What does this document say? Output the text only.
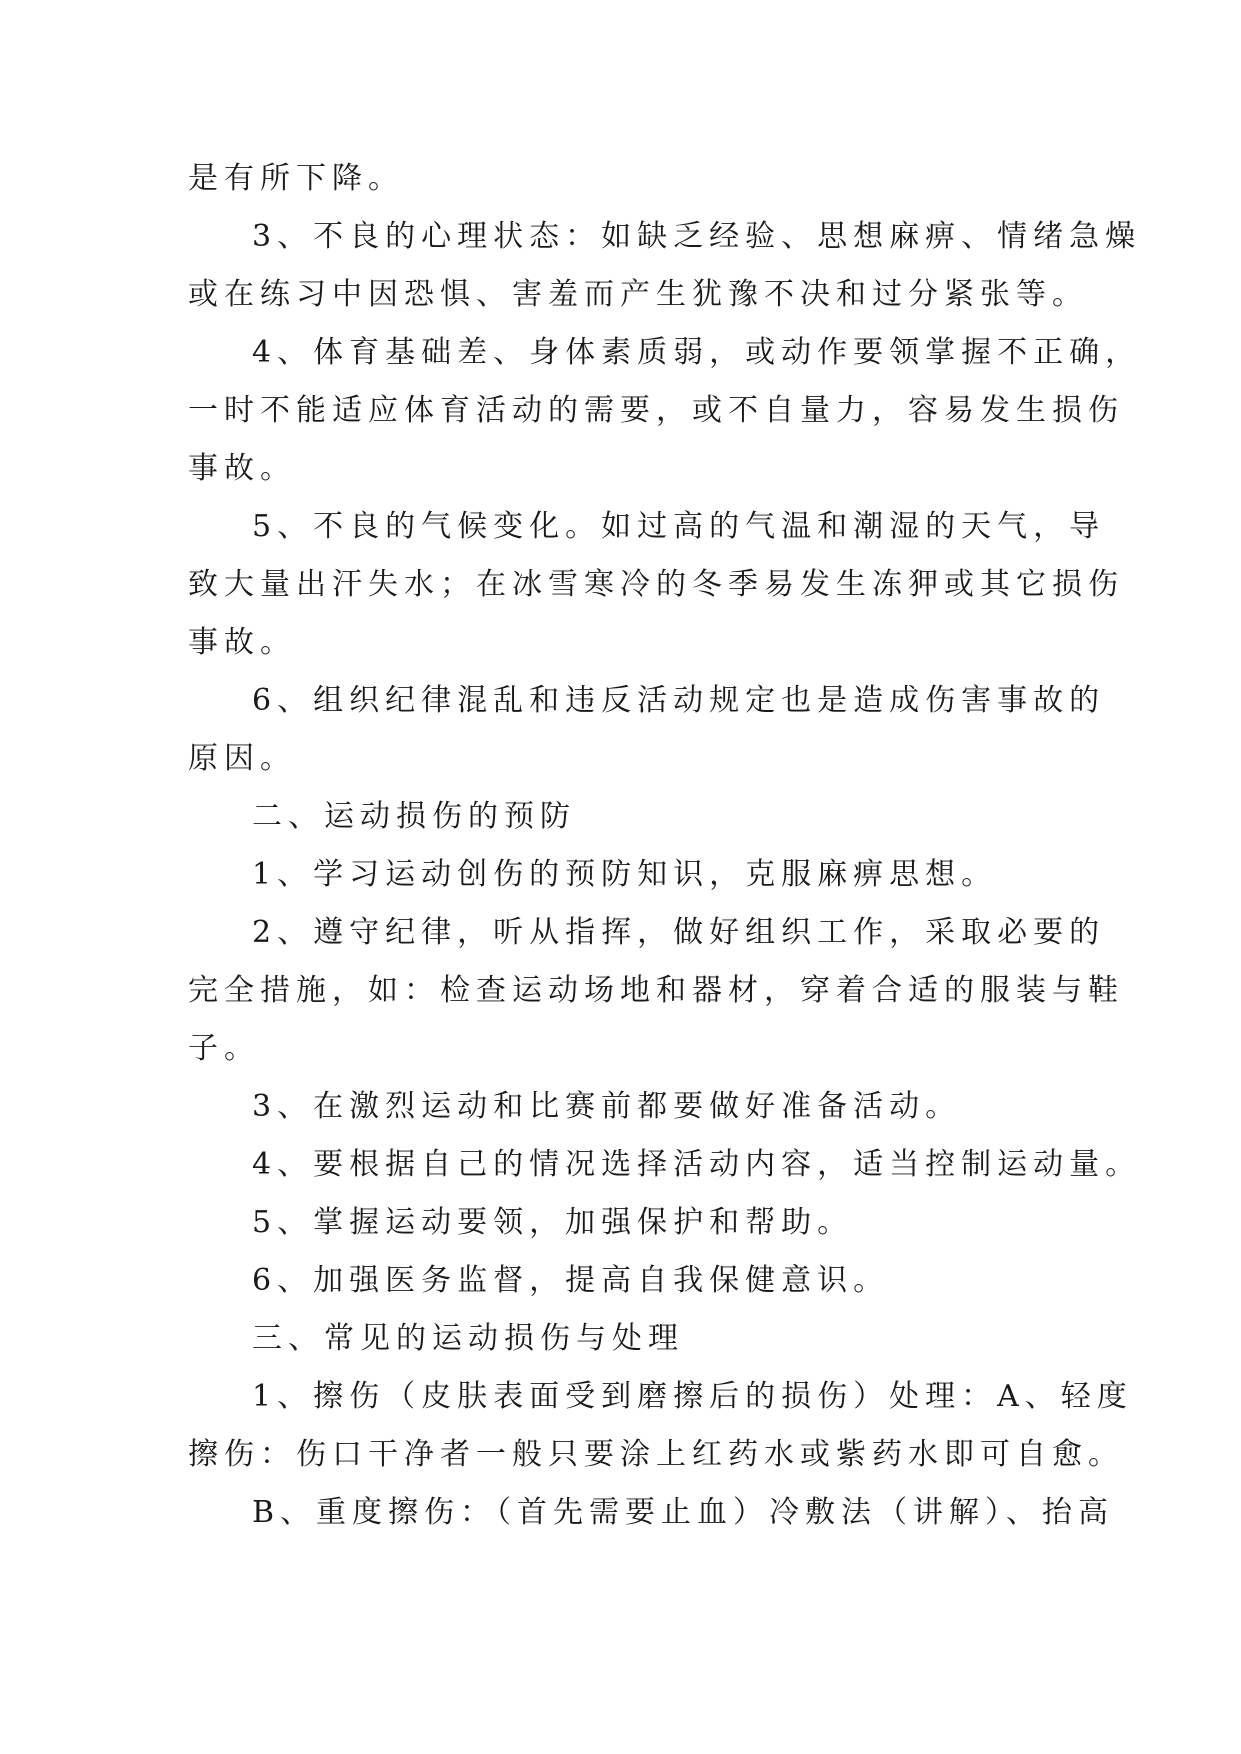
是有所下降。
3、不良的心理状态：如缺乏经验、思想麻痹、情绪急燥
或在练习中因恐惧、害羞而产生犹豫不决和过分紧张等。
4、体育基础差、身体素质弱，或动作要领掌握不正确，
一时不能适应体育活动的需要，或不自量力，容易发生损伤
事故。
5、不良的气候变化。如过高的气温和潮湿的天气，导
致大量出汗失水；在冰雪寒冷的冬季易发生冻狎或其它损伤
事故。
6、组织纪律混乱和违反活动规定也是造成伤害事故的
原因。
二、运动损伤的预防
1、学习运动创伤的预防知识，克服麻痹思想。
2、遵守纪律，听从指挥，做好组织工作，采取必要的
完全措施，如：检查运动场地和器材，穿着合适的服装与鞋
子。
3、在激烈运动和比赛前都要做好准备活动。
4、要根据自己的情况选择活动内容，适当控制运动量。
5、掌握运动要领，加强保护和帮助。
6、加强医务监督，提高自我保健意识。
三、常见的运动损伤与处理
1、擦伤（皮肤表面受到磨擦后的损伤）处理：A、轻度
擦伤：伤口干净者一般只要涂上红药水或紫药水即可自愈。
B、重度擦伤：（首先需要止血）冷敷法（讲解）、抬高
